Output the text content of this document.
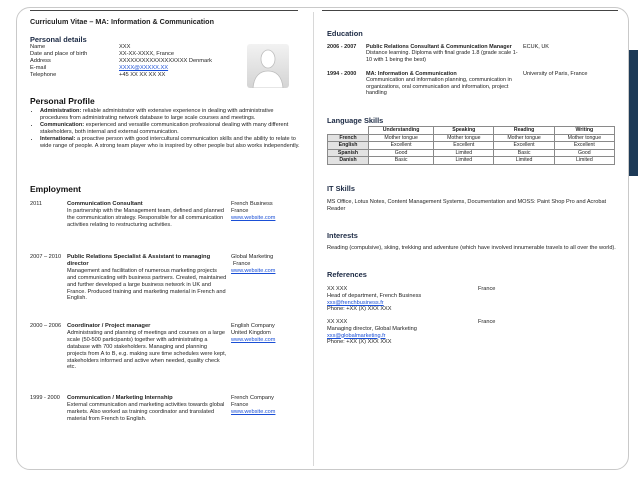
Curriculum Vitae – MA: Information & Communication
Personal details
Name	XXX
Date and place of birth	XX-XX-XXXX, France
Address	XXXXXXXXXXXXXXXXXX Denmark
E-mail	XXXX@XXXXX.XX
Telephone	+45 XX XX XX XX
Personal Profile
• Administration: reliable administrator with extensive experience in dealing with administrative procedures from administrating network database to large scale courses and meetings.
• Communication: experienced and versatile communication professional dealing with many different stakeholders, both internal and external communication.
• International: a proactive person with good intercultural communication skills and the ability to relate to wide range of people. A strong team player who is inspired by other people but also works independently.
Employment
2011	Communication Consultant
In partnership with the Management team, defined and planned the communication strategy. Responsible for all communication activities relating to restructuring activities.
French Business
France
www.website.com
2007 – 2010 Public Relations Specialist & Assistant to managing director
Management and facilitation of numerous marketing projects and communicating with business partners. Created, maintained and further developed a large business network in UK and France. Produced training and marketing material in French and English.
Global Marketing
France
www.website.com
2000 – 2006 Coordinator / Project manager
Administrating and planning of meetings and courses on a large scale (50-500 participants) together with administrating a database with 700 stakeholders. Managing and planning projects from A to B, e.g. making sure time schedules were kept, stakeholders informed and active when needed, quality check etc.
English Company
United Kingdom
www.website.com
1999 - 2000 Communication / Marketing Internship
External communication and marketing activities towards global markets. Also worked as training coordinator and translated material from French to English.
French Company
France
www.website.com
Education
2006 - 2007 Public Relations Consultant & Communication Manager
Distance learning. Diploma with final grade 1.8 (grade scale 1-10 with 1 being the best)
ECUK, UK
1994 - 2000 MA: Information & Communication
Communication and information planning, communication in organizations, oral communication and information, project handling
University of Paris, France
Language Skills
	Understanding	Speaking	Reading	Writing
French	Mother tongue	Mother tongue	Mother tongue	Mother tongue
English	Excellent	Excellent	Excellent	Excellent
Spanish	Good	Limited	Basic	Good
Danish	Basic	Limited	Limited	Limited
IT Skills
MS Office, Lotus Notes, Content Management Systems, Documentation and MOSS: Paint Shop Pro and Acrobat Reader
Interests
Reading (compulsive), skiing, trekking and adventure (which have involved innumerable travels to all over the world).
References
XX XXX
Head of department, French Business
xxx@frenchbusiness.fr
Phone: +XX (X) XXX XXX
France
XX XXX
Managing director, Global Marketing
xxx@globalmarketing.fr
Phone: +XX (X) XXX XXX
France
